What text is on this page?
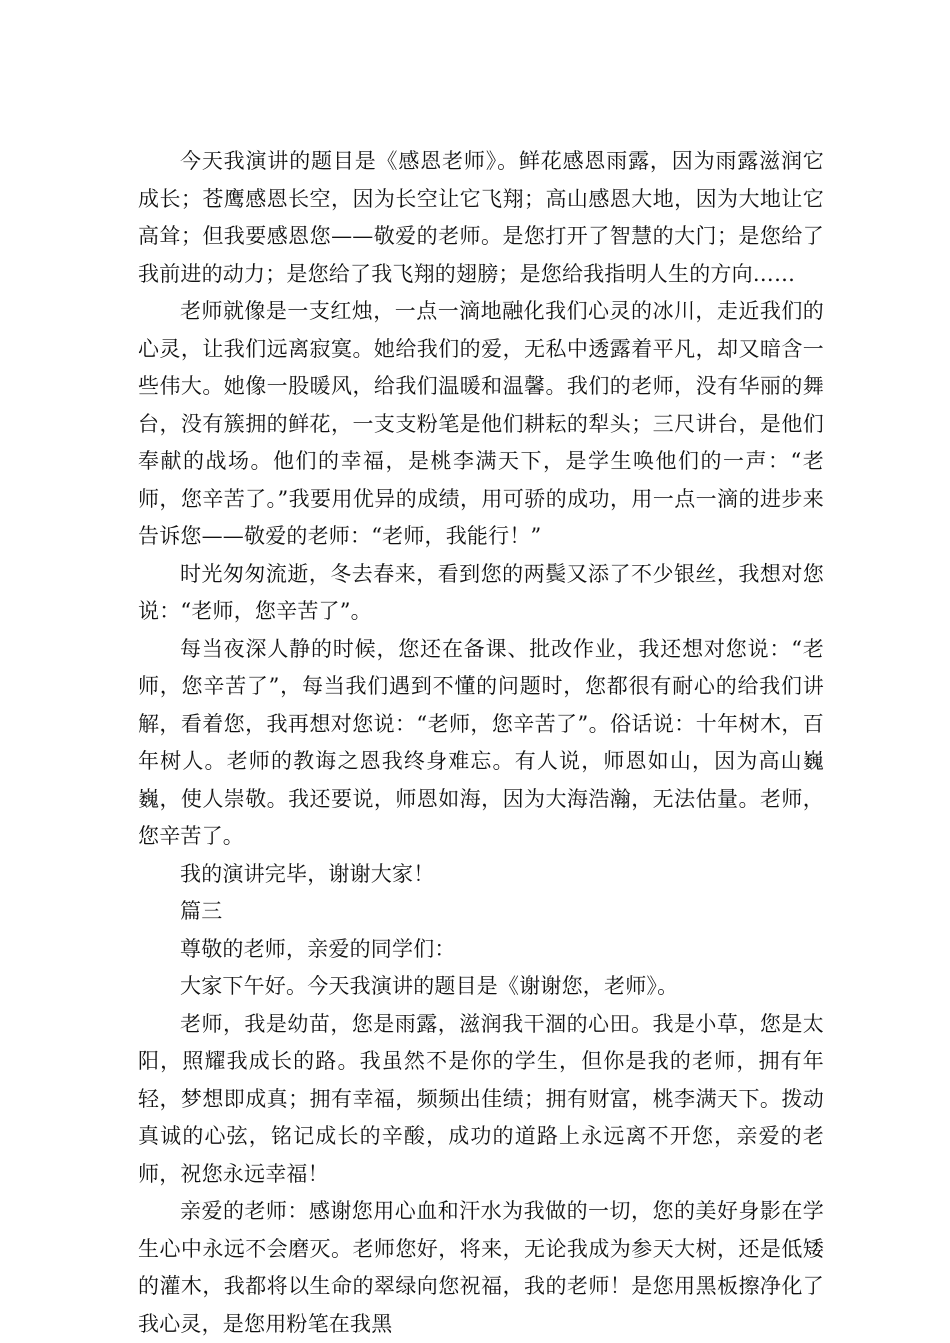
今天我演讲的题目是《感恩老师》。鲜花感恩雨露，因为雨露滋润它成长；苍鹰感恩长空，因为长空让它飞翔；高山感恩大地，因为大地让它高耸；但我要感恩您——敬爱的老师。是您打开了智慧的大门；是您给了我前进的动力；是您给了我飞翔的翅膀；是您给我指明人生的方向……

老师就像是一支红烛，一点一滴地融化我们心灵的冰川，走近我们的心灵，让我们远离寂寞。她给我们的爱，无私中透露着平凡，却又暗含一些伟大。她像一股暖风，给我们温暖和温馨。我们的老师，没有华丽的舞台，没有簇拥的鲜花，一支支粉笔是他们耕耘的犁头；三尺讲台，是他们奉献的战场。他们的幸福，是桃李满天下，是学生唤他们的一声：“老师，您辛苦了。”我要用优异的成绩，用可骄的成功，用一点一滴的进步来告诉您——敬爱的老师：“老师，我能行！”

时光匆匆流逝，冬去春来，看到您的两鬓又添了不少银丝，我想对您说：“老师，您辛苦了”。

每当夜深人静的时候，您还在备课、批改作业，我还想对您说：“老师，您辛苦了”，每当我们遇到不懂的问题时，您都很有耐心的给我们讲解，看着您，我再想对您说：“老师，您辛苦了”。俗话说：十年树木，百年树人。老师的教诲之恩我终身难忘。有人说，师恩如山，因为高山巍巍，使人崇敬。我还要说，师恩如海，因为大海浩瀚，无法估量。老师，您辛苦了。

我的演讲完毕，谢谢大家！

篇三

尊敬的老师，亲爱的同学们：

大家下午好。今天我演讲的题目是《谢谢您，老师》。

老师，我是幼苗，您是雨露，滋润我干涸的心田。我是小草，您是太阳，照耀我成长的路。我虽然不是你的学生，但你是我的老师，拥有年轻，梦想即成真；拥有幸福，频频出佳绩；拥有财富，桃李满天下。拨动真诚的心弦，铭记成长的辛酸，成功的道路上永远离不开您，亲爱的老师，祝您永远幸福！

亲爱的老师：感谢您用心血和汗水为我做的一切，您的美好身影在学生心中永远不会磨灭。老师您好，将来，无论我成为参天大树，还是低矮的灌木，我都将以生命的翠绿向您祝福，我的老师！是您用黑板擦净化了我心灵，是您用粉笔在我黑
